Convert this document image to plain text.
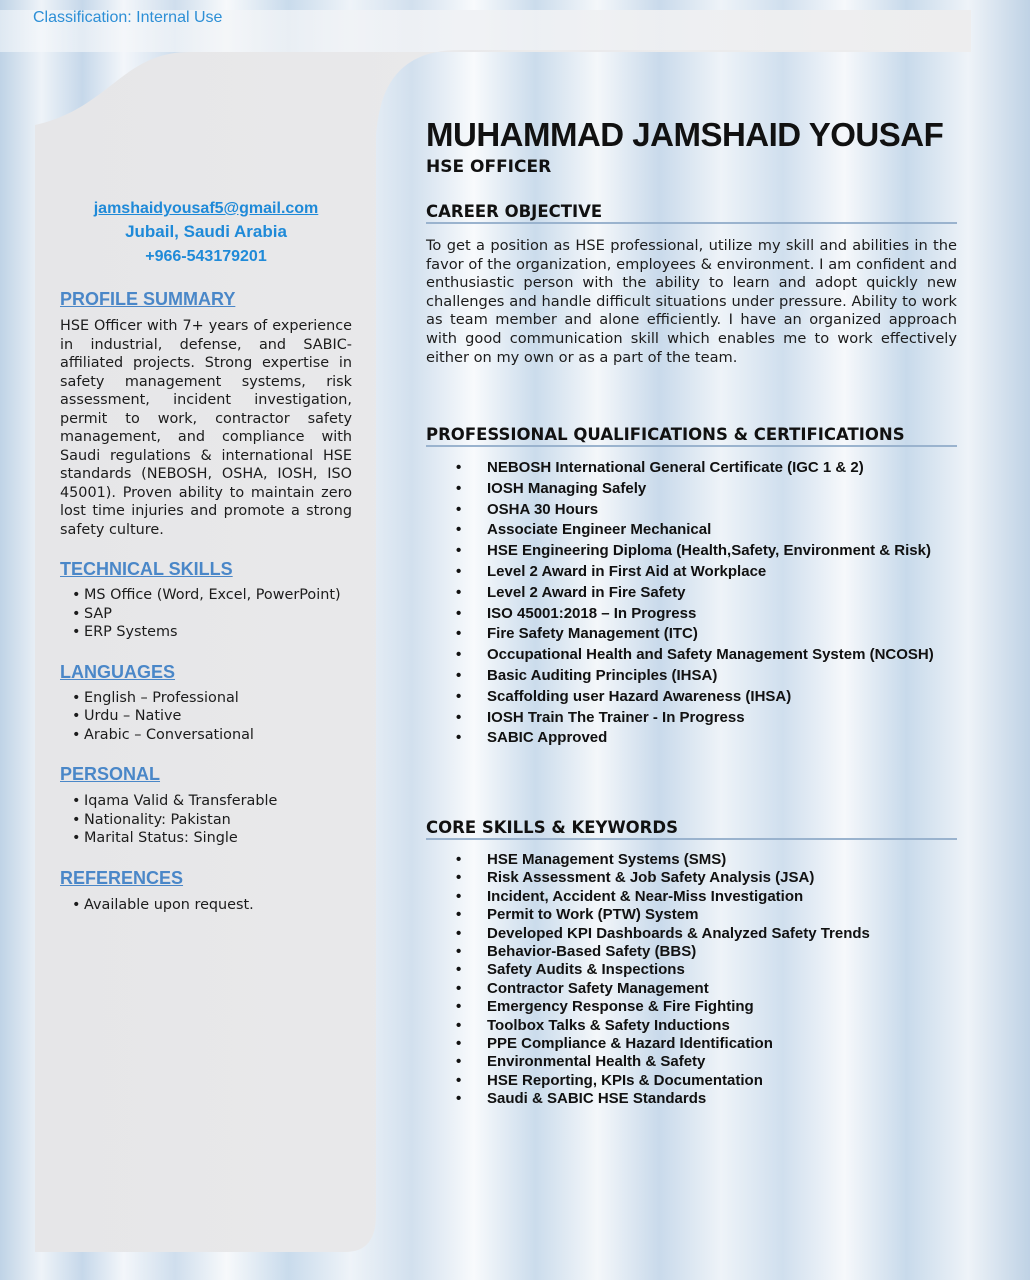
Classification: Internal Use
jamshaidyousaf5@gmail.com
Jubail, Saudi Arabia
+966-543179201
PROFILE SUMMARY

HSE Officer with 7+ years of experience in industrial, defense, and SABIC-affiliated projects. Strong expertise in safety management systems, risk assessment, incident investigation, permit to work, contractor safety management, and compliance with Saudi regulations & international HSE standards (NEBOSH, OSHA, IOSH, ISO 45001). Proven ability to maintain zero lost time injuries and promote a strong safety culture.

TECHNICAL SKILLS
• MS Office (Word, Excel, PowerPoint)
• SAP
• ERP Systems
LANGUAGES
• English – Professional
• Urdu – Native
• Arabic – Conversational
PERSONAL
• Iqama Valid & Transferable
• Nationality: Pakistan
• Marital Status: Single
REFERENCES
• Available upon request.
MUHAMMAD JAMSHAID YOUSAF
HSE OFFICER
CAREER OBJECTIVE

To get a position as HSE professional, utilize my skill and abilities in the favor of the organization, employees & environment. I am confident and enthusiastic person with the ability to learn and adopt quickly new challenges and handle difficult situations under pressure. Ability to work as team member and alone efficiently. I have an organized approach with good communication skill which enables me to work effectively either on my own or as a part of the team.

PROFESSIONAL QUALIFICATIONS & CERTIFICATIONS
• NEBOSH International General Certificate (IGC 1 & 2)
• IOSH Managing Safely
• OSHA 30 Hours
• Associate Engineer Mechanical
• HSE Engineering Diploma (Health,Safety, Environment & Risk)
• Level 2 Award in First Aid at Workplace
• Level 2 Award in Fire Safety
• ISO 45001:2018 – In Progress
• Fire Safety Management (ITC)
• Occupational Health and Safety Management System (NCOSH)
• Basic Auditing Principles (IHSA)
• Scaffolding user Hazard Awareness (IHSA)
• IOSH Train The Trainer - In Progress
• SABIC Approved
CORE SKILLS & KEYWORDS
• HSE Management Systems (SMS)
• Risk Assessment & Job Safety Analysis (JSA)
• Incident, Accident & Near-Miss Investigation
• Permit to Work (PTW) System
• Developed KPI Dashboards & Analyzed Safety Trends
• Behavior-Based Safety (BBS)
• Safety Audits & Inspections
• Contractor Safety Management
• Emergency Response & Fire Fighting
• Toolbox Talks & Safety Inductions
• PPE Compliance & Hazard Identification
• Environmental Health & Safety
• HSE Reporting, KPIs & Documentation
• Saudi & SABIC HSE Standards
